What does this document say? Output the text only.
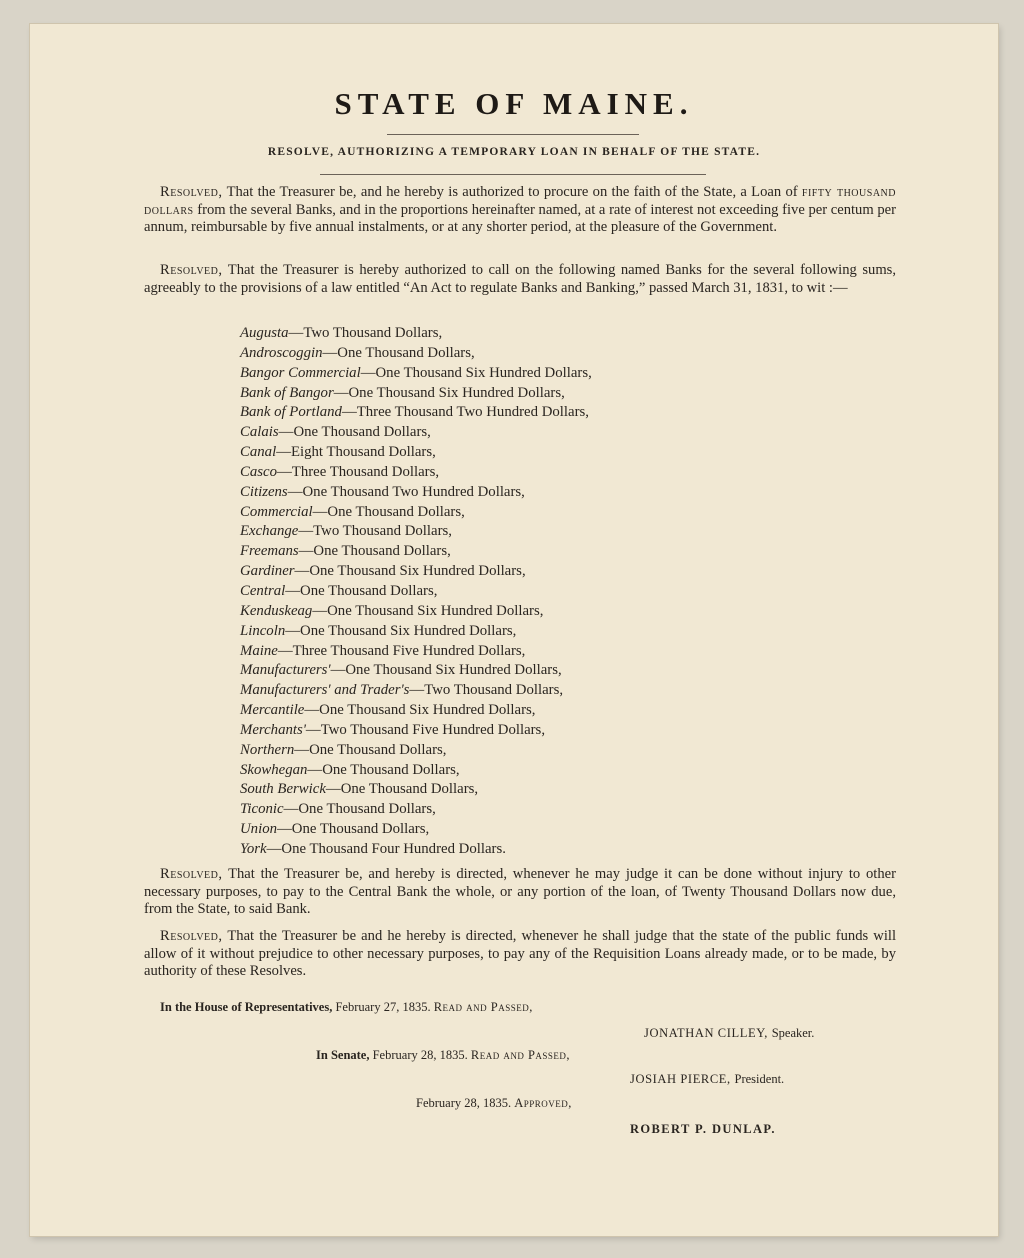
STATE OF MAINE.
RESOLVE, AUTHORIZING A TEMPORARY LOAN IN BEHALF OF THE STATE.

Resolved, That the Treasurer be, and he hereby is authorized to procure on the faith of the State, a Loan of fifty thousand dollars from the several Banks, and in the proportions hereinafter named, at a rate of interest not exceeding five per centum per annum, reimbursable by five annual instalments, or at any shorter period, at the pleasure of the Government.

Resolved, That the Treasurer is hereby authorized to call on the following named Banks for the several following sums, agreeably to the provisions of a law entitled “An Act to regulate Banks and Banking,” passed March 31, 1831, to wit :—

Augusta—Two Thousand Dollars,
Androscoggin—One Thousand Dollars,
Bangor Commercial—One Thousand Six Hundred Dollars,
Bank of Bangor—One Thousand Six Hundred Dollars,
Bank of Portland—Three Thousand Two Hundred Dollars,
Calais—One Thousand Dollars,
Canal—Eight Thousand Dollars,
Casco—Three Thousand Dollars,
Citizens—One Thousand Two Hundred Dollars,
Commercial—One Thousand Dollars,
Exchange—Two Thousand Dollars,
Freemans—One Thousand Dollars,
Gardiner—One Thousand Six Hundred Dollars,
Central—One Thousand Dollars,
Kenduskeag—One Thousand Six Hundred Dollars,
Lincoln—One Thousand Six Hundred Dollars,
Maine—Three Thousand Five Hundred Dollars,
Manufacturers'—One Thousand Six Hundred Dollars,
Manufacturers' and Trader's—Two Thousand Dollars,
Mercantile—One Thousand Six Hundred Dollars,
Merchants'—Two Thousand Five Hundred Dollars,
Northern—One Thousand Dollars,
Skowhegan—One Thousand Dollars,
South Berwick—One Thousand Dollars,
Ticonic—One Thousand Dollars,
Union—One Thousand Dollars,
York—One Thousand Four Hundred Dollars.

Resolved, That the Treasurer be, and hereby is directed, whenever he may judge it can be done without injury to other necessary purposes, to pay to the Central Bank the whole, or any portion of the loan, of Twenty Thousand Dollars now due, from the State, to said Bank.

Resolved, That the Treasurer be and he hereby is directed, whenever he shall judge that the state of the public funds will allow of it without prejudice to other necessary purposes, to pay any of the Requisition Loans already made, or to be made, by authority of these Resolves.

In the House of Representatives, February 27, 1835. Read and Passed,
JONATHAN CILLEY, Speaker.
In Senate, February 28, 1835. Read and Passed,
JOSIAH PIERCE, President.
February 28, 1835. Approved,
ROBERT P. DUNLAP.
